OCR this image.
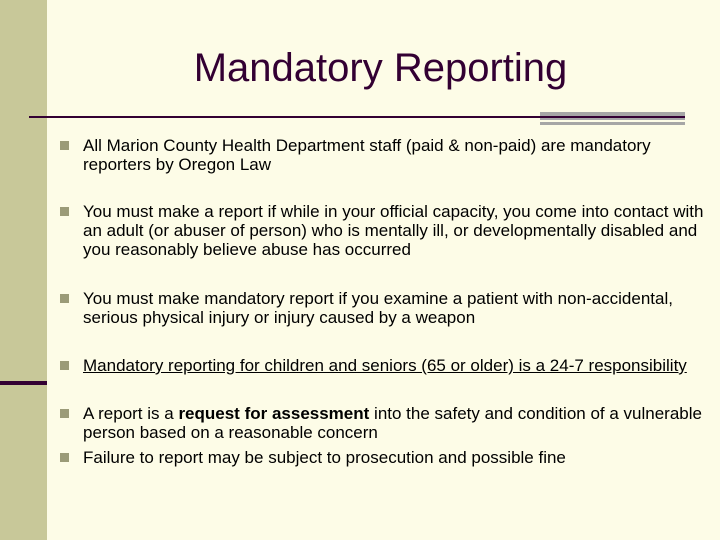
Mandatory Reporting
All Marion County Health Department staff (paid & non-paid) are mandatory reporters by Oregon Law
You must make a report if while in your official capacity, you come into contact with an adult (or abuser of person) who is mentally ill, or developmentally disabled and you reasonably believe abuse has occurred
You must make mandatory report if you examine a patient with non-accidental, serious physical injury or injury caused by a weapon
Mandatory reporting for children and seniors (65 or older) is a 24-7 responsibility
A report is a request for assessment into the safety and condition of a vulnerable person based on a reasonable concern
Failure to report may be subject to prosecution and possible fine
